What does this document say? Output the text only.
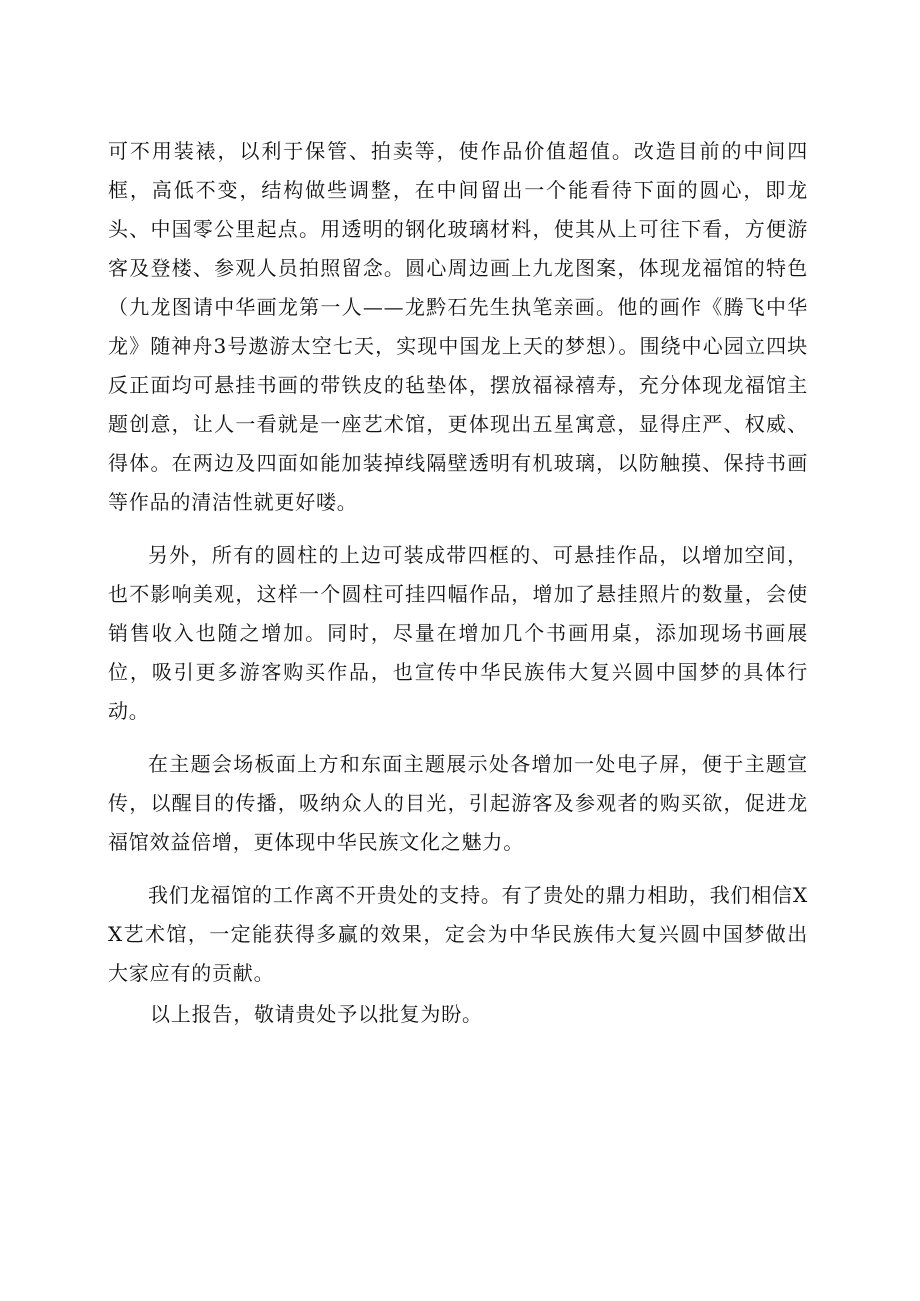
可不用装裱，以利于保管、拍卖等，使作品价值超值。改造目前的中间四框，高低不变，结构做些调整，在中间留出一个能看待下面的圆心，即龙头、中国零公里起点。用透明的钢化玻璃材料，使其从上可往下看，方便游客及登楼、参观人员拍照留念。圆心周边画上九龙图案，体现龙福馆的特色（九龙图请中华画龙第一人——龙黔石先生执笔亲画。他的画作《腾飞中华龙》随神舟3号遨游太空七天，实现中国龙上天的梦想）。围绕中心园立四块反正面均可悬挂书画的带铁皮的毡垫体，摆放福禄禧寿，充分体现龙福馆主题创意，让人一看就是一座艺术馆，更体现出五星寓意，显得庄严、权威、得体。在两边及四面如能加装掉线隔壁透明有机玻璃，以防触摸、保持书画等作品的清洁性就更好喽。

另外，所有的圆柱的上边可装成带四框的、可悬挂作品，以增加空间，也不影响美观，这样一个圆柱可挂四幅作品，增加了悬挂照片的数量，会使销售收入也随之增加。同时，尽量在增加几个书画用桌，添加现场书画展位，吸引更多游客购买作品，也宣传中华民族伟大复兴圆中国梦的具体行动。

在主题会场板面上方和东面主题展示处各增加一处电子屏，便于主题宣传，以醒目的传播，吸纳众人的目光，引起游客及参观者的购买欲，促进龙福馆效益倍增，更体现中华民族文化之魅力。

我们龙福馆的工作离不开贵处的支持。有了贵处的鼎力相助，我们相信XX艺术馆，一定能获得多赢的效果，定会为中华民族伟大复兴圆中国梦做出大家应有的贡献。

以上报告，敬请贵处予以批复为盼。
